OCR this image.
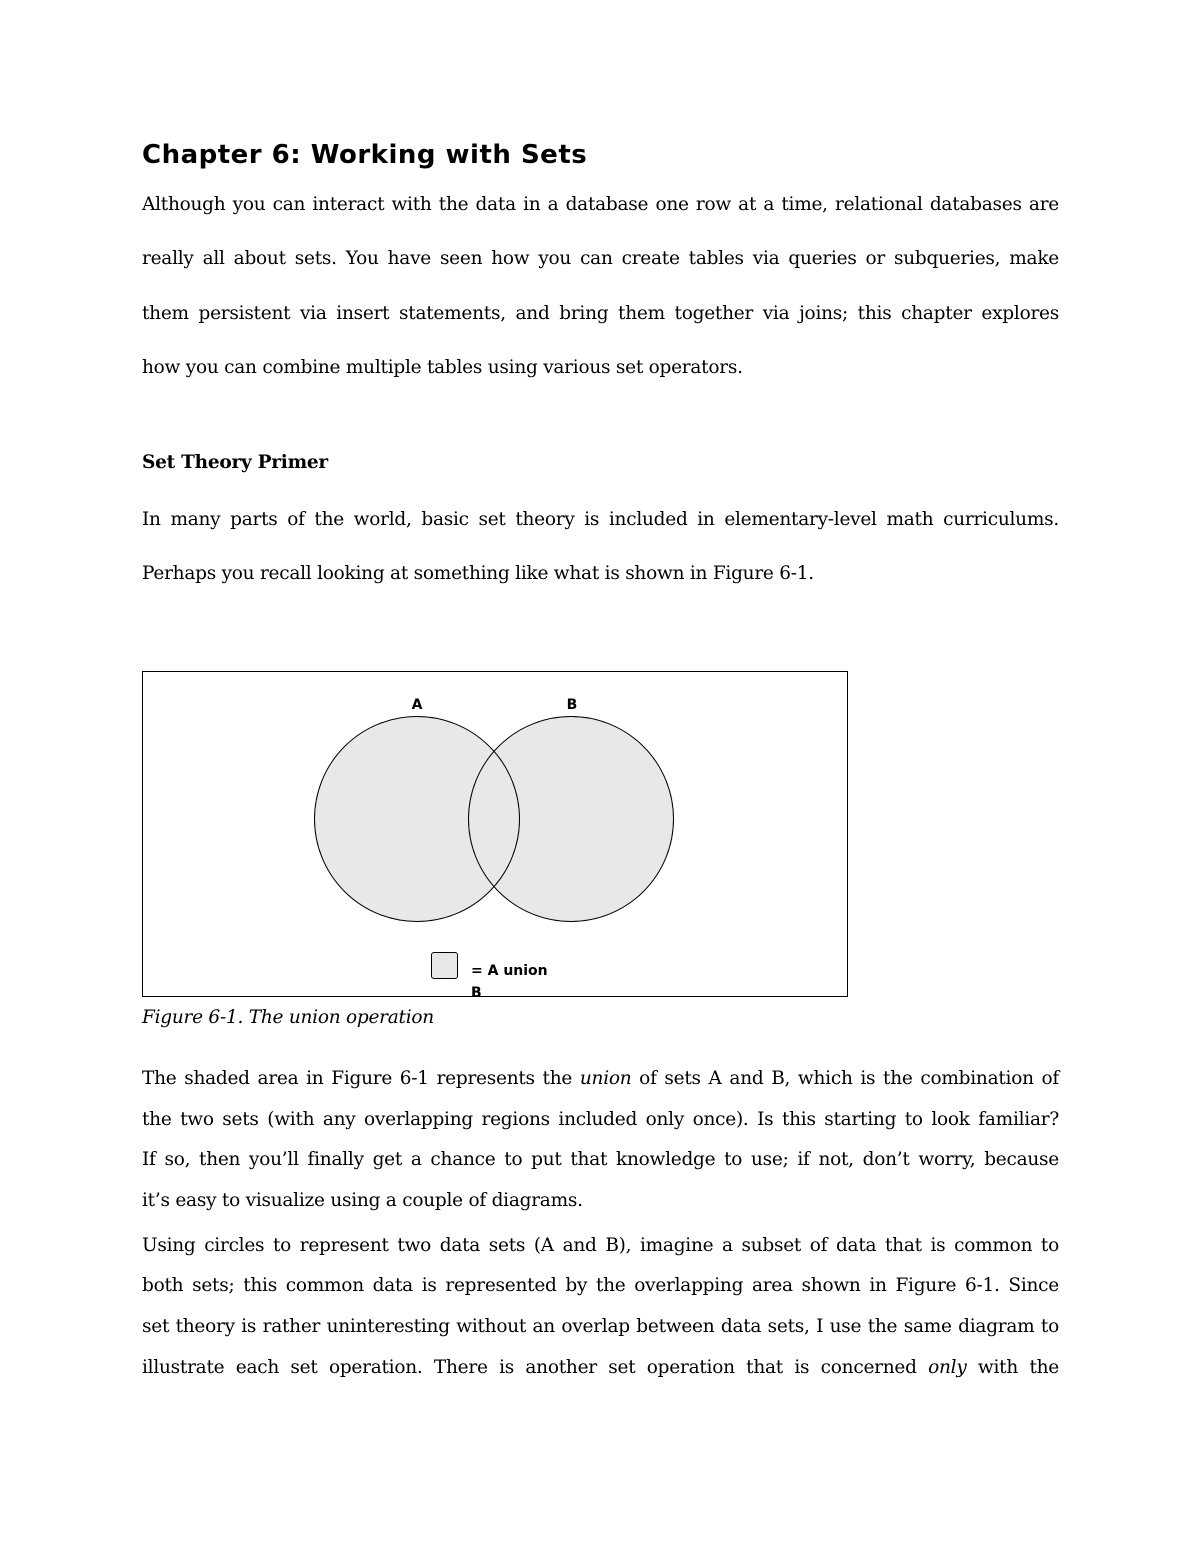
Chapter 6: Working with Sets

Although you can interact with the data in a database one row at a time, relational databases are

really all about sets. You have seen how you can create tables via queries or subqueries, make

them persistent via insert statements, and bring them together via joins; this chapter explores

how you can combine multiple tables using various set operators.

Set Theory Primer

In many parts of the world, basic set theory is included in elementary-level math curriculums.

Perhaps you recall looking at something like what is shown in Figure 6-1.

A	B
= A union B

Figure 6-1. The union operation

The shaded area in Figure 6-1 represents the union of sets A and B, which is the combination of

the two sets (with any overlapping regions included only once). Is this starting to look familiar?

If so, then you’ll finally get a chance to put that knowledge to use; if not, don’t worry, because

it’s easy to visualize using a couple of diagrams.

Using circles to represent two data sets (A and B), imagine a subset of data that is common to

both sets; this common data is represented by the overlapping area shown in Figure 6-1. Since

set theory is rather uninteresting without an overlap between data sets, I use the same diagram to

illustrate each set operation. There is another set operation that is concerned only with the
